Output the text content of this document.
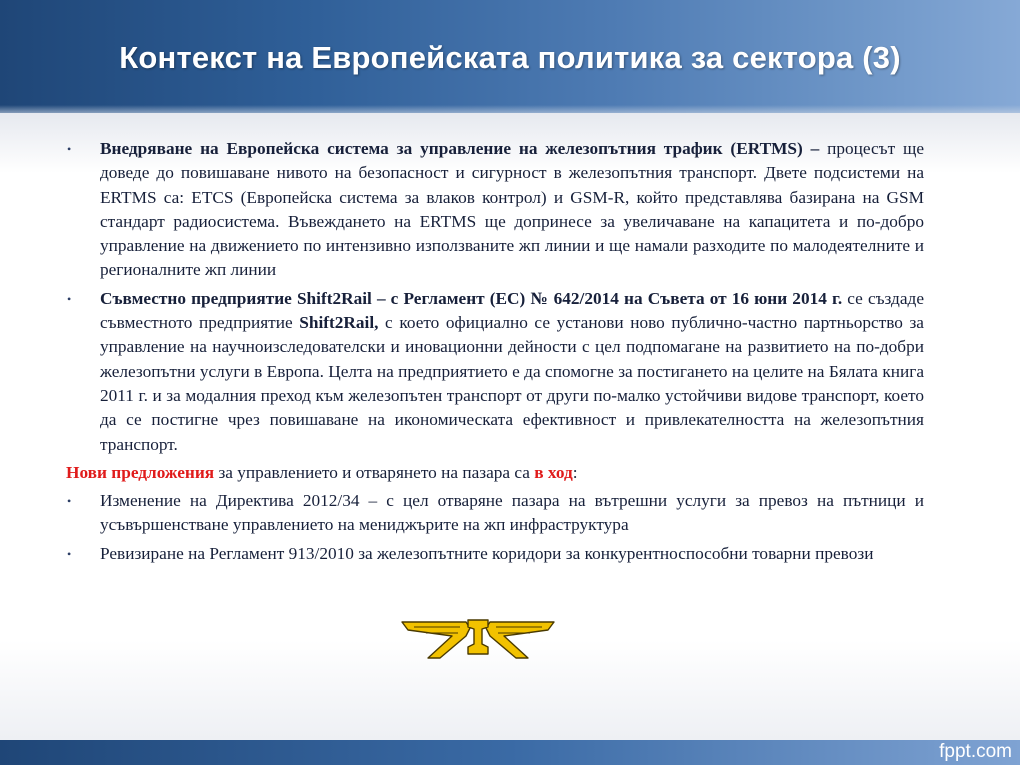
Контекст на Европейската политика за сектора (3)
• Внедряване на Европейска система за управление на железопътния трафик (ERTMS) – процесът ще доведе до повишаване нивото на безопасност и сигурност в железопътния транспорт. Двете подсистеми на ERTMS са: ETCS (Европейска система за влаков контрол) и GSM-R, който представлява базирана на GSM стандарт радиосистема. Въвеждането на ERTMS ще допринесе за увеличаване на капацитета и по-добро управление на движението по интензивно използваните жп линии и ще намали разходите по малодеятелните и регионалните жп линии
• Съвместно предприятие Shift2Rail – с Регламент (ЕС) № 642/2014 на Съвета от 16 юни 2014 г. се създаде съвместното предприятие Shift2Rail, с което официално се установи ново публично-частно партньорство за управление на научноизследователски и иновационни дейности с цел подпомагане на развитието на по-добри железопътни услуги в Европа. Целта на предприятието е да спомогне за постигането на целите на Бялата книга 2011 г. и за модалния преход към железопътен транспорт от други по-малко устойчиви видове транспорт, което да се постигне чрез повишаване на икономическата ефективност и привлекателността на железопътния транспорт.
Нови предложения за управлението и отварянето на пазара са в ход:
• Изменение на Директива 2012/34 – с цел отваряне пазара на вътрешни услуги за превоз на пътници и усъвършенстване управлението на мениджърите на жп инфраструктура
• Ревизиране на Регламент 913/2010 за железопътните коридори за конкурентноспособни товарни превози
fppt.com
